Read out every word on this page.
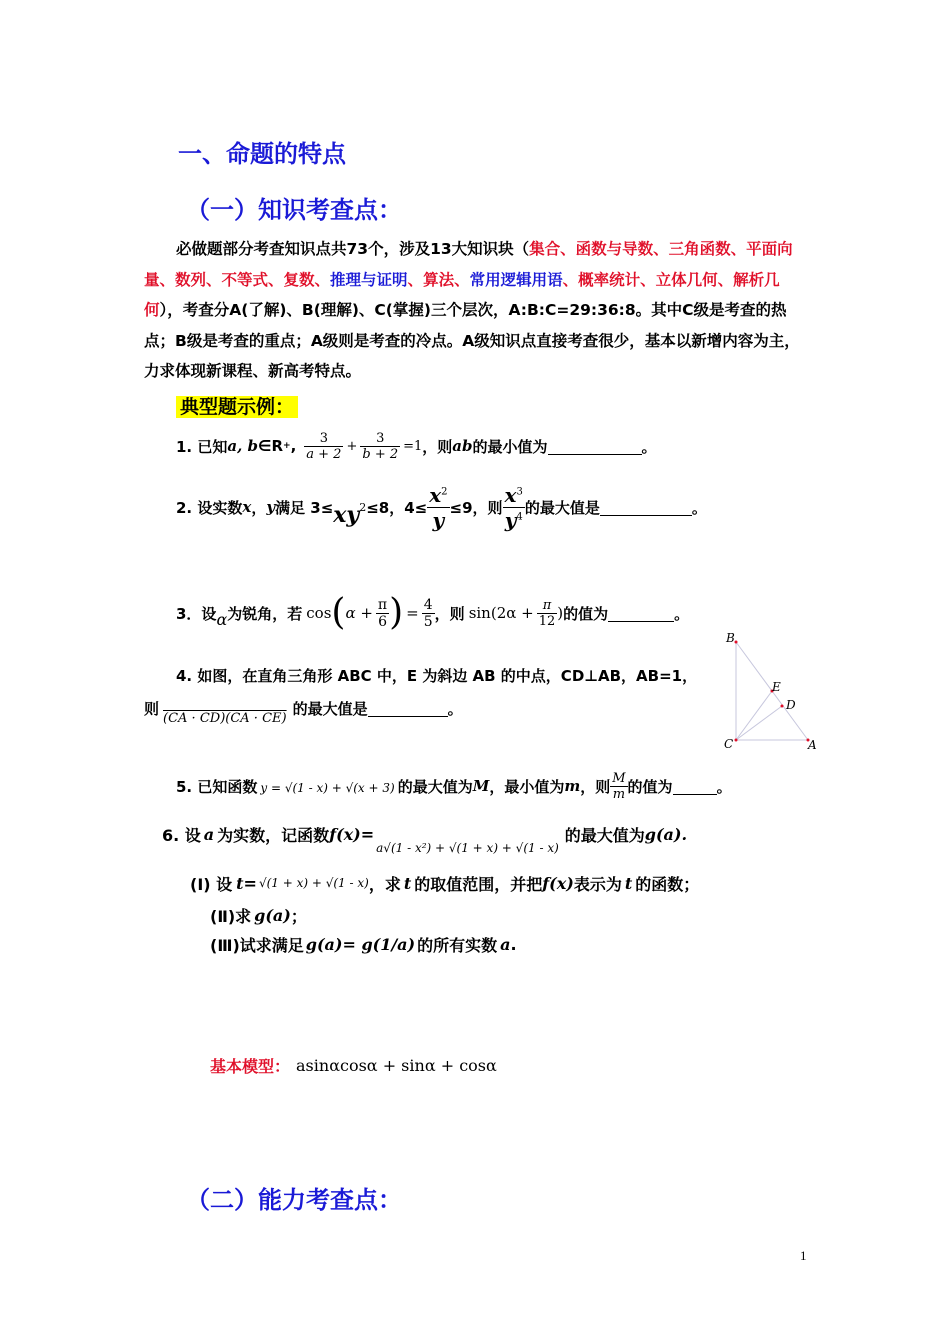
一、命题的特点
（一）知识考查点：
必做题部分考查知识点共73个，涉及13大知识块（集合、函数与导数、三角函数、平面向量、数列、不等式、复数、推理与证明、算法、常用逻辑用语、概率统计、立体几何、解析几何），考查分A(了解)、B(理解)、C(掌握)三个层次，A:B:C=29:36:8。其中C级是考查的热点；B级是考查的重点；A级则是考查的冷点。A级知识点直接考查很少，基本以新增内容为主，力求体现新课程、新高考特点。
典型题示例：
1. 已知 a, b ∈R + , $\frac{3}{a + 2} + \frac{3}{b + 2} =1$ ，则 ab 的最小值为	。
2. 设实数 x ， y 满足 $3\le xy^2 \le 8$，$4\le \frac{x^2}{y} \le 9$，则 $\frac{x^3}{y^4}$ 的最大值是	。
3．设 α 为锐角，若 cos ( $\alpha + \frac{\pi}{6}$ ) = $\frac{4}{5}$ ，则 $\sin(2\alpha + \frac{\pi}{12}$ ) 的值为	。
4. 如图，在直角三角形 ABC 中，E 为斜边 AB 的中点，CD⊥AB，AB=1，
则
(CA · CD)(CA · CE)
的最大值是	。
B
E
D
C	A
5. 已知函数 y = √(1 - x) + √(x + 3) 的最大值为 M ，最小值为 m ，则 $\frac{M}{m}$ 的值为	。
6. 设 a 为实数，记函数 f(x) =
a√(1 - x²) + √(1 + x) + √(1 - x)
的最大值为 g(a).
(Ⅰ) 设 t = √(1 + x) + √(1 - x) ，求 t 的取值范围，并把 f(x) 表示为 t 的函数；
(Ⅱ)求 g(a) ；
(Ⅲ)试求满足 g(a)= g(1/a) 的所有实数 a .
基本模型： asinαcosα + sinα + cosα
（二）能力考查点：
1
